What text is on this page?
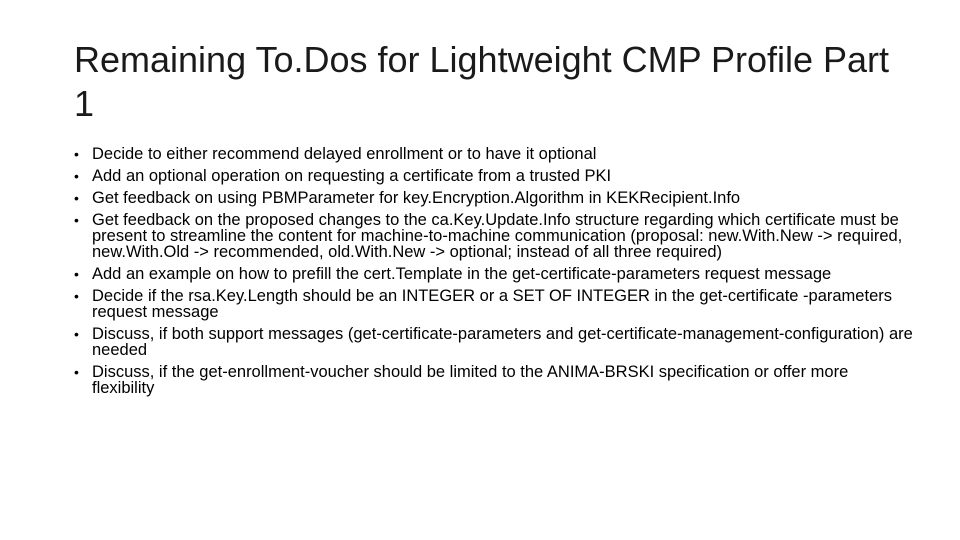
Remaining To.Dos for Lightweight CMP Profile Part 1
• Decide to either recommend delayed enrollment or to have it optional
• Add an optional operation on requesting a certificate from a trusted PKI
• Get feedback on using PBMParameter for key.Encryption.Algorithm in KEKRecipient.Info
• Get feedback on the proposed changes to the ca.Key.Update.Info structure regarding which certificate must be present to streamline the content for machine-to-machine communication (proposal: new.With.New -> required, new.With.Old -> recommended, old.With.New -> optional; instead of all three required)
• Add an example on how to prefill the cert.Template in the get-certificate-parameters request message
• Decide if the rsa.Key.Length should be an INTEGER or a SET OF INTEGER in the get-certificate -parameters request message
• Discuss, if both support messages (get-certificate-parameters and get-certificate-management-configuration) are needed
• Discuss, if the get-enrollment-voucher should be limited to the ANIMA-BRSKI specification or offer more flexibility
